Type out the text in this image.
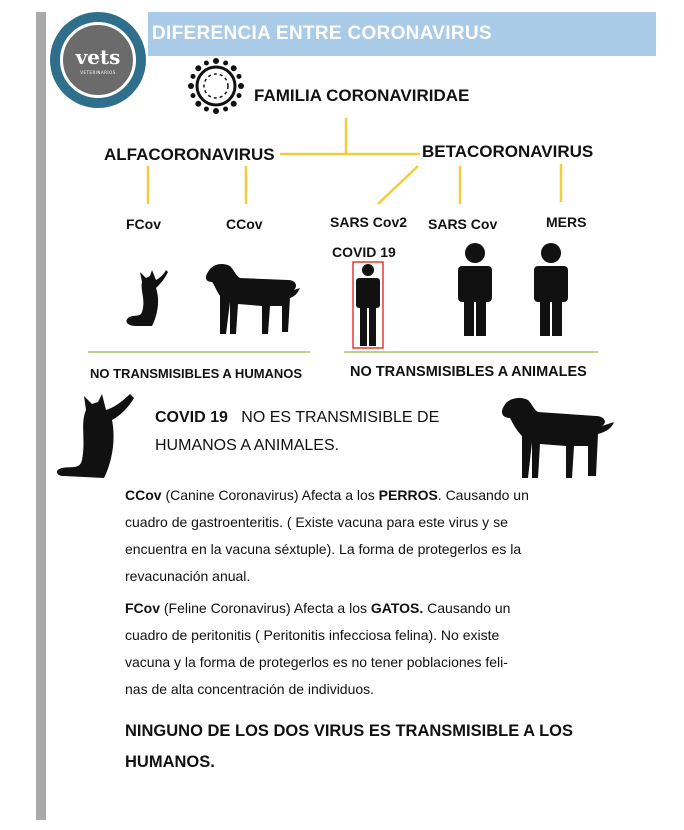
DIFERENCIA ENTRE CORONAVIRUS
vets
VETERINARIOS
FAMILIA CORONAVIRIDAE
ALFACORONAVIRUS	BETACORONAVIRUS
FCov	CCov	SARS Cov2 SARS Cov	MERS
COVID 19
NO TRANSMISIBLES A HUMANOS	NO TRANSMISIBLES A ANIMALES
COVID 19 NO ES TRANSMISIBLE DE
HUMANOS A ANIMALES.
CCov (Canine Coronavirus) Afecta a los PERROS. Causando un
cuadro de gastroenteritis. ( Existe vacuna para este virus y se
encuentra en la vacuna séxtuple). La forma de protegerlos es la
revacunación anual.
FCov (Feline Coronavirus) Afecta a los GATOS. Causando un
cuadro de peritonitis ( Peritonitis infecciosa felina). No existe
vacuna y la forma de protegerlos es no tener poblaciones feli-
nas de alta concentración de individuos.
NINGUNO DE LOS DOS VIRUS ES TRANSMISIBLE A LOS
HUMANOS.
